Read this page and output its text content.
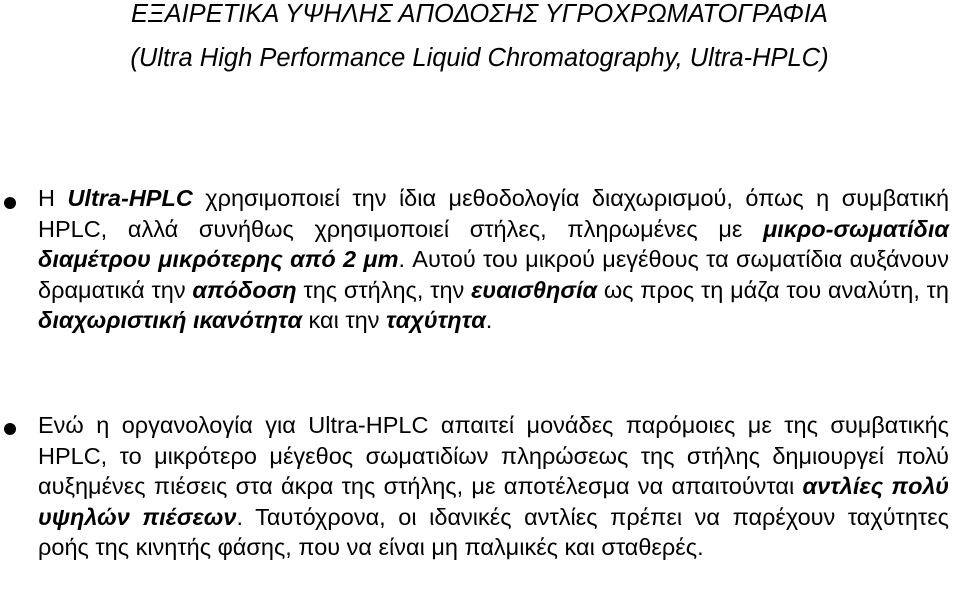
ΕΞΑΙΡΕΤΙΚΑ ΥΨΗΛΗΣ ΑΠΟΔΟΣΗΣ ΥΓΡΟΧΡΩΜΑΤΟΓΡΑΦΙΑ
(Ultra High Performance Liquid Chromatography, Ultra-HPLC)

Η Ultra-HPLC χρησιμοποιεί την ίδια μεθοδολογία διαχωρισμού, όπως η συμβατική HPLC, αλλά συνήθως χρησιμοποιεί στήλες, πληρωμένες με μικρο-σωματίδια διαμέτρου μικρότερης από 2 μm. Αυτού του μικρού μεγέθους τα σωματίδια αυξάνουν δραματικά την απόδοση της στήλης, την ευαισθησία ως προς τη μάζα του αναλύτη, τη διαχωριστική ικανότητα και την ταχύτητα.

Ενώ η οργανολογία για Ultra-HPLC απαιτεί μονάδες παρόμοιες με της συμβατικής HPLC, το μικρότερο μέγεθος σωματιδίων πληρώσεως της στήλης δημιουργεί πολύ αυξημένες πιέσεις στα άκρα της στήλης, με αποτέλεσμα να απαιτούνται αντλίες πολύ υψηλών πιέσεων. Ταυτόχρονα, οι ιδανικές αντλίες πρέπει να παρέχουν ταχύτητες ροής της κινητής φάσης, που να είναι μη παλμικές και σταθερές.
